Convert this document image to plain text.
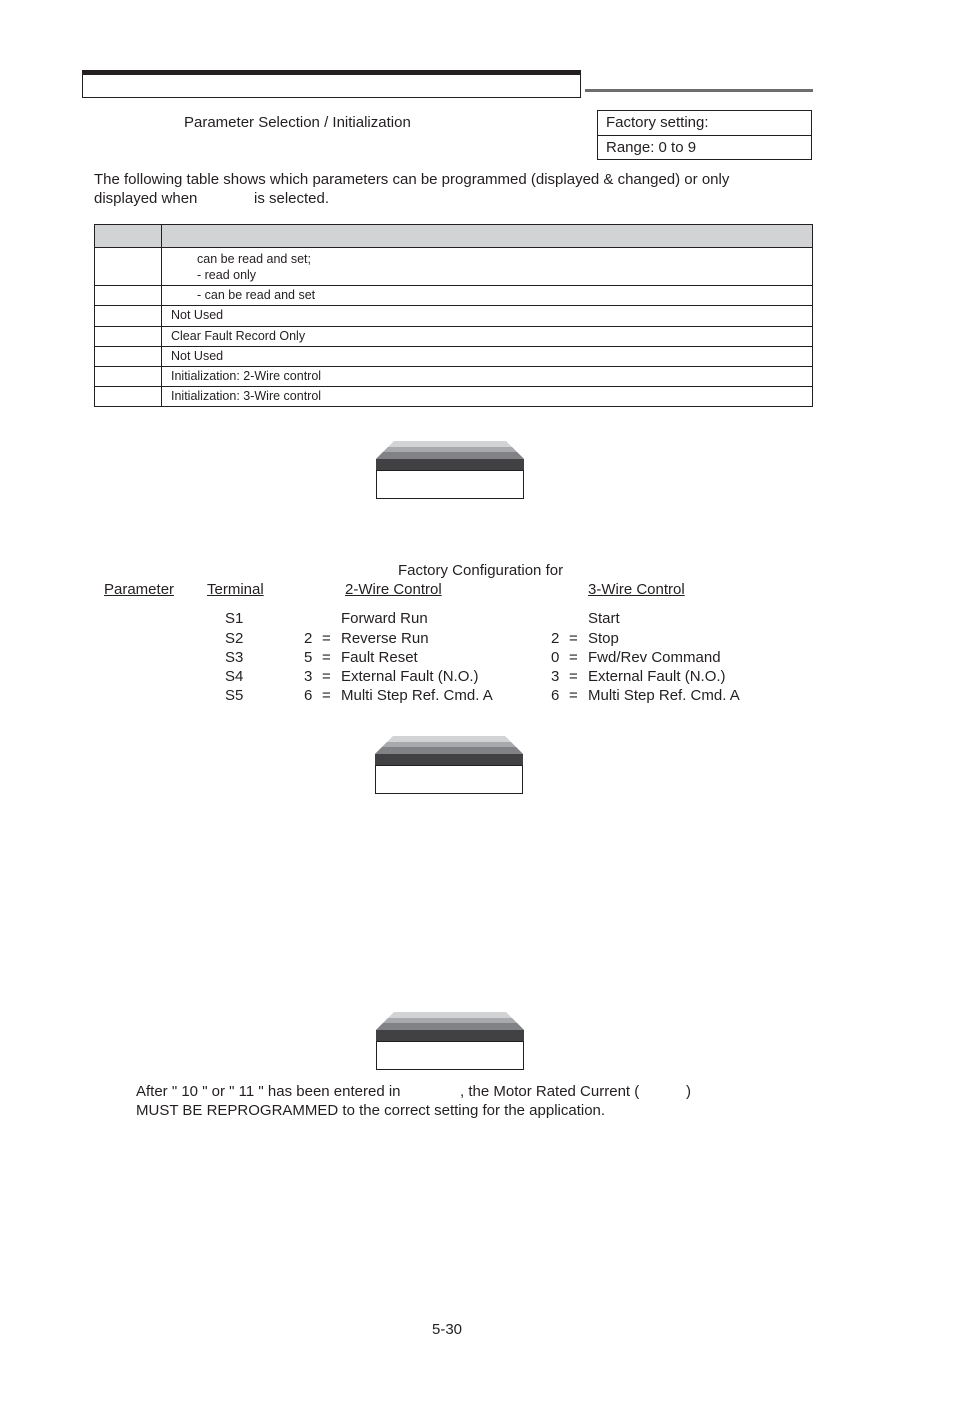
Parameter Selection / Initialization	Factory setting:
Range: 0 to 9
The following table shows which parameters can be programmed (displayed & changed) or only
displayed when	is selected.
can be read and set;
- read only
- can be read and set
Not Used
Clear Fault Record Only
Not Used
Initialization: 2-Wire control
Initialization: 3-Wire control
Factory Configuration for
Parameter Terminal	2-Wire Control	3-Wire Control
S1	Forward Run	Start
S2	2 = Reverse Run	2 = Stop
S3	5 = Fault Reset	0 = Fwd/Rev Command
S4	3 = External Fault (N.O.)	3 = External Fault (N.O.)
S5	6 = Multi Step Ref. Cmd. A	6 = Multi Step Ref. Cmd. A
After " 10 " or " 11 " has been entered in	, the Motor Rated Current (	)
MUST BE REPROGRAMMED to the correct setting for the application.
5-30
